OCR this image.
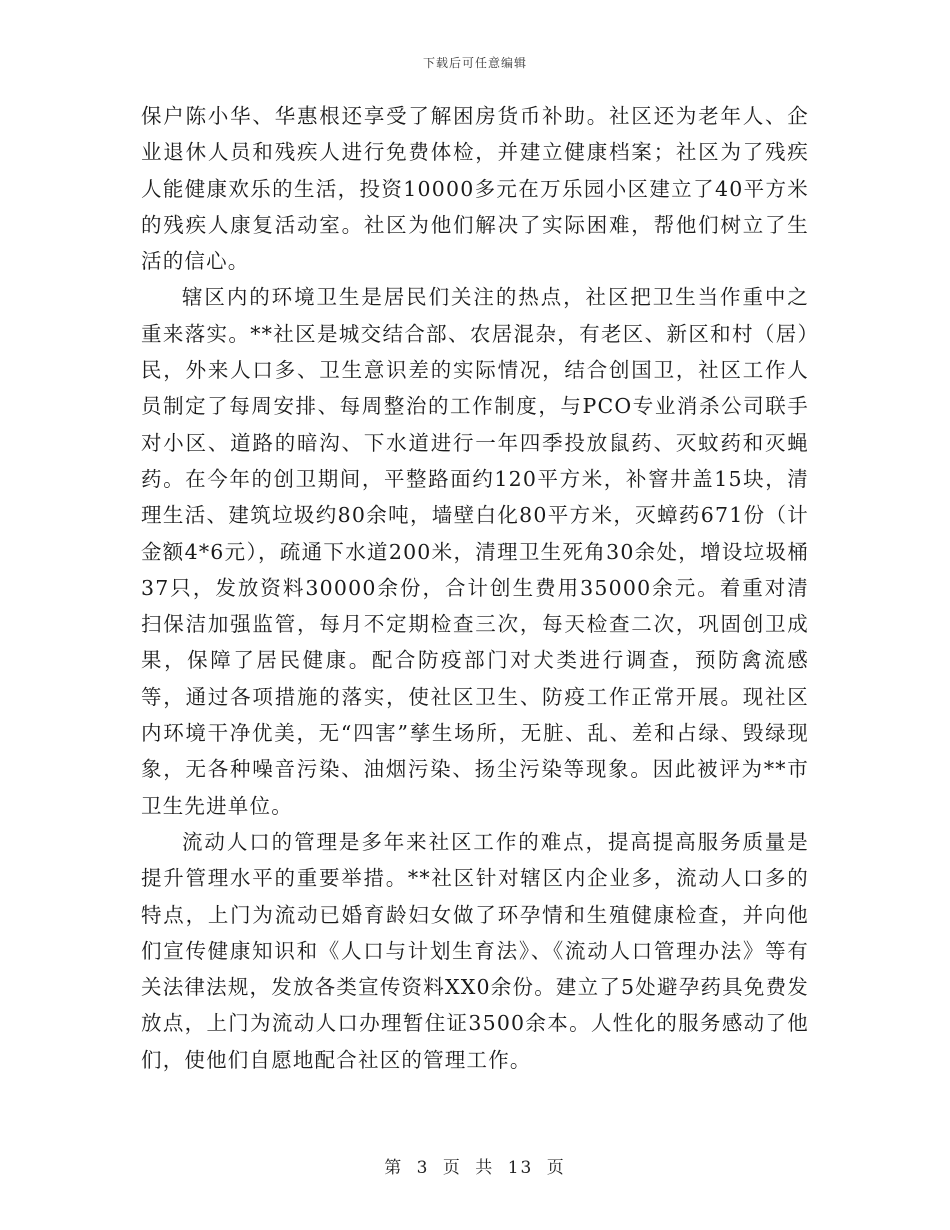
下载后可任意编辑

保户陈小华、华惠根还享受了解困房货币补助。社区还为老年人、企业退休人员和残疾人进行免费体检，并建立健康档案；社区为了残疾人能健康欢乐的生活，投资10000多元在万乐园小区建立了40平方米的残疾人康复活动室。社区为他们解决了实际困难，帮他们树立了生活的信心。

辖区内的环境卫生是居民们关注的热点，社区把卫生当作重中之重来落实。**社区是城交结合部、农居混杂，有老区、新区和村（居）民，外来人口多、卫生意识差的实际情况，结合创国卫，社区工作人员制定了每周安排、每周整治的工作制度，与PCO专业消杀公司联手对小区、道路的暗沟、下水道进行一年四季投放鼠药、灭蚊药和灭蝇药。在今年的创卫期间，平整路面约120平方米，补窨井盖15块，清理生活、建筑垃圾约80余吨，墙壁白化80平方米，灭蟑药671份（计金额4*6元），疏通下水道200米，清理卫生死角30余处，增设垃圾桶37只，发放资料30000余份，合计创生费用35000余元。着重对清扫保洁加强监管，每月不定期检查三次，每天检查二次，巩固创卫成果，保障了居民健康。配合防疫部门对犬类进行调查，预防禽流感等，通过各项措施的落实，使社区卫生、防疫工作正常开展。现社区内环境干净优美，无“四害”孳生场所，无脏、乱、差和占绿、毁绿现象，无各种噪音污染、油烟污染、扬尘污染等现象。因此被评为**市卫生先进单位。

流动人口的管理是多年来社区工作的难点，提高提高服务质量是提升管理水平的重要举措。**社区针对辖区内企业多，流动人口多的特点，上门为流动已婚育龄妇女做了环孕情和生殖健康检查，并向他们宣传健康知识和《人口与计划生育法》、《流动人口管理办法》等有关法律法规，发放各类宣传资料XX0余份。建立了5处避孕药具免费发放点，上门为流动人口办理暂住证3500余本。人性化的服务感动了他们，使他们自愿地配合社区的管理工作。

第 3 页 共 13 页
